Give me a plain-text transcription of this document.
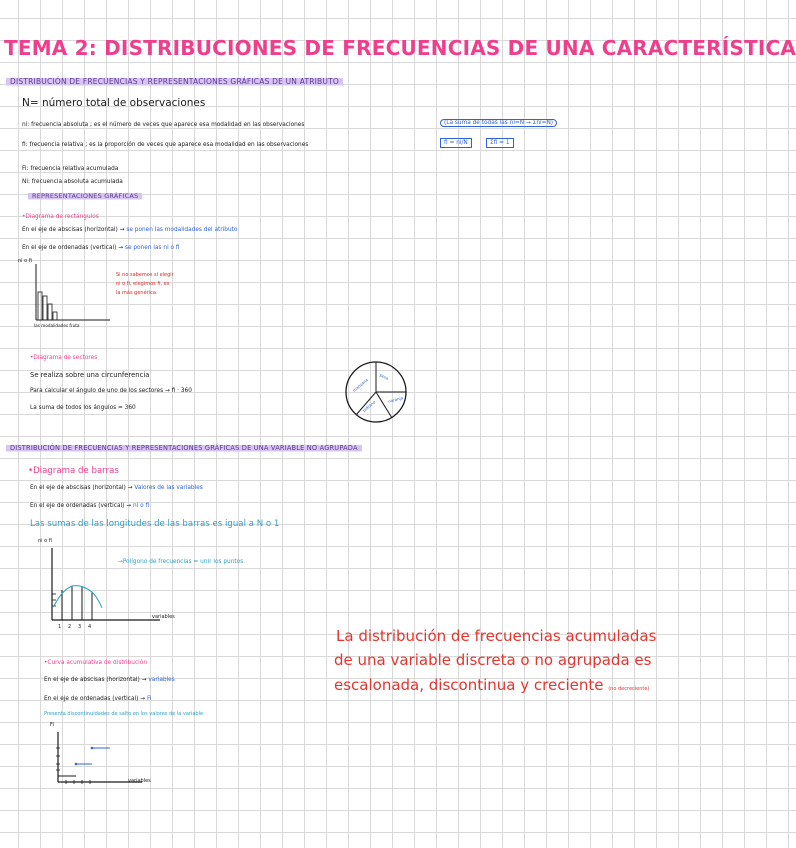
TEMA 2: DISTRIBUCIONES DE FRECUENCIAS DE UNA CARACTERÍSTICA
DISTRIBUCIÓN DE FRECUENCIAS Y REPRESENTACIONES GRÁFICAS DE UN ATRIBUTO
N= número total de observaciones
ni: frecuencia absoluta ; es el número de veces que aparece esa modalidad en las observaciones	(La suma de todas las ni=N → Σni=N)
fi: frecuencia relativa ; es la proporción de veces que aparece esa modalidad en las observaciones	fi = ni/N	Σfi = 1
Fi: frecuencia relativa acumulada
Ni: frecuencia absoluta acumulada
REPRESENTACIONES GRÁFICAS
•Diagrama de rectángulos
En el eje de abscisas (horizontal) → se ponen las modalidades del atributo
En el eje de ordenadas (vertical) → se ponen las ni o fi
ni o fi
las modalidades fruta
Si no sabemos si elegir
ni o fi, elegimos fi, es
la más genérica.
•Diagrama de sectores
Se realiza sobre una circunferencia
Para calcular el ángulo de uno de los sectores → fi · 360
La suma de todos los ángulos = 360
manzana
pera
plátano	naranja
DISTRIBUCIÓN DE FRECUENCIAS Y REPRESENTACIONES GRÁFICAS DE UNA VARIABLE NO AGRUPADA
•Diagrama de barras
En el eje de abscisas (horizontal) → Valores de las variables
En el eje de ordenadas (vertical) → ni o fi
Las sumas de las longitudes de las barras es igual a N o 1
ni o fi
1 2 3 4
→Polígono de frecuencias = unir los puntos
variables
•Curva acumulativa de distribución
En el eje de abscisas (horizontal) → variables
En el eje de ordenadas (vertical) → Fi
Presenta discontinuidades de salto en los valores de la variable
Fi
variables
La distribución de frecuencias acumuladas
de una variable discreta o no agrupada es
escalonada, discontinua y creciente (no decreciente)
